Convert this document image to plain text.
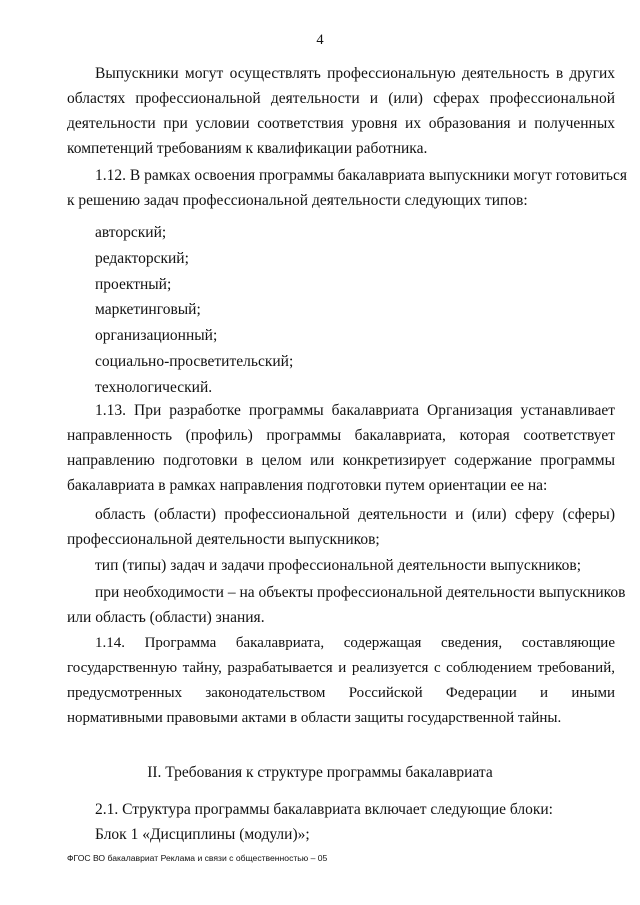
4
Выпускники могут осуществлять профессиональную деятельность в других
областях профессиональной деятельности и (или) сферах профессиональной
деятельности при условии соответствия уровня их образования и полученных
компетенций требованиям к квалификации работника.
1.12. В рамках освоения программы бакалавриата выпускники могут готовиться
к решению задач профессиональной деятельности следующих типов:
авторский;
редакторский;
проектный;
маркетинговый;
организационный;
социально-просветительский;
технологический.
1.13. При разработке программы бакалавриата Организация устанавливает
направленность (профиль) программы бакалавриата, которая соответствует
направлению подготовки в целом или конкретизирует содержание программы
бакалавриата в рамках направления подготовки путем ориентации ее на:
область (области) профессиональной деятельности и (или) сферу (сферы)
профессиональной деятельности выпускников;
тип (типы) задач и задачи профессиональной деятельности выпускников;
при необходимости – на объекты профессиональной деятельности выпускников
или область (области) знания.
1.14. Программа бакалавриата, содержащая сведения, составляющие
государственную тайну, разрабатывается и реализуется с соблюдением требований,
предусмотренных законодательством Российской Федерации и иными
нормативными правовыми актами в области защиты государственной тайны.
II. Требования к структуре программы бакалавриата
2.1. Структура программы бакалавриата включает следующие блоки:
Блок 1 «Дисциплины (модули)»;
ФГОС ВО бакалавриат Реклама и связи с общественностью – 05
